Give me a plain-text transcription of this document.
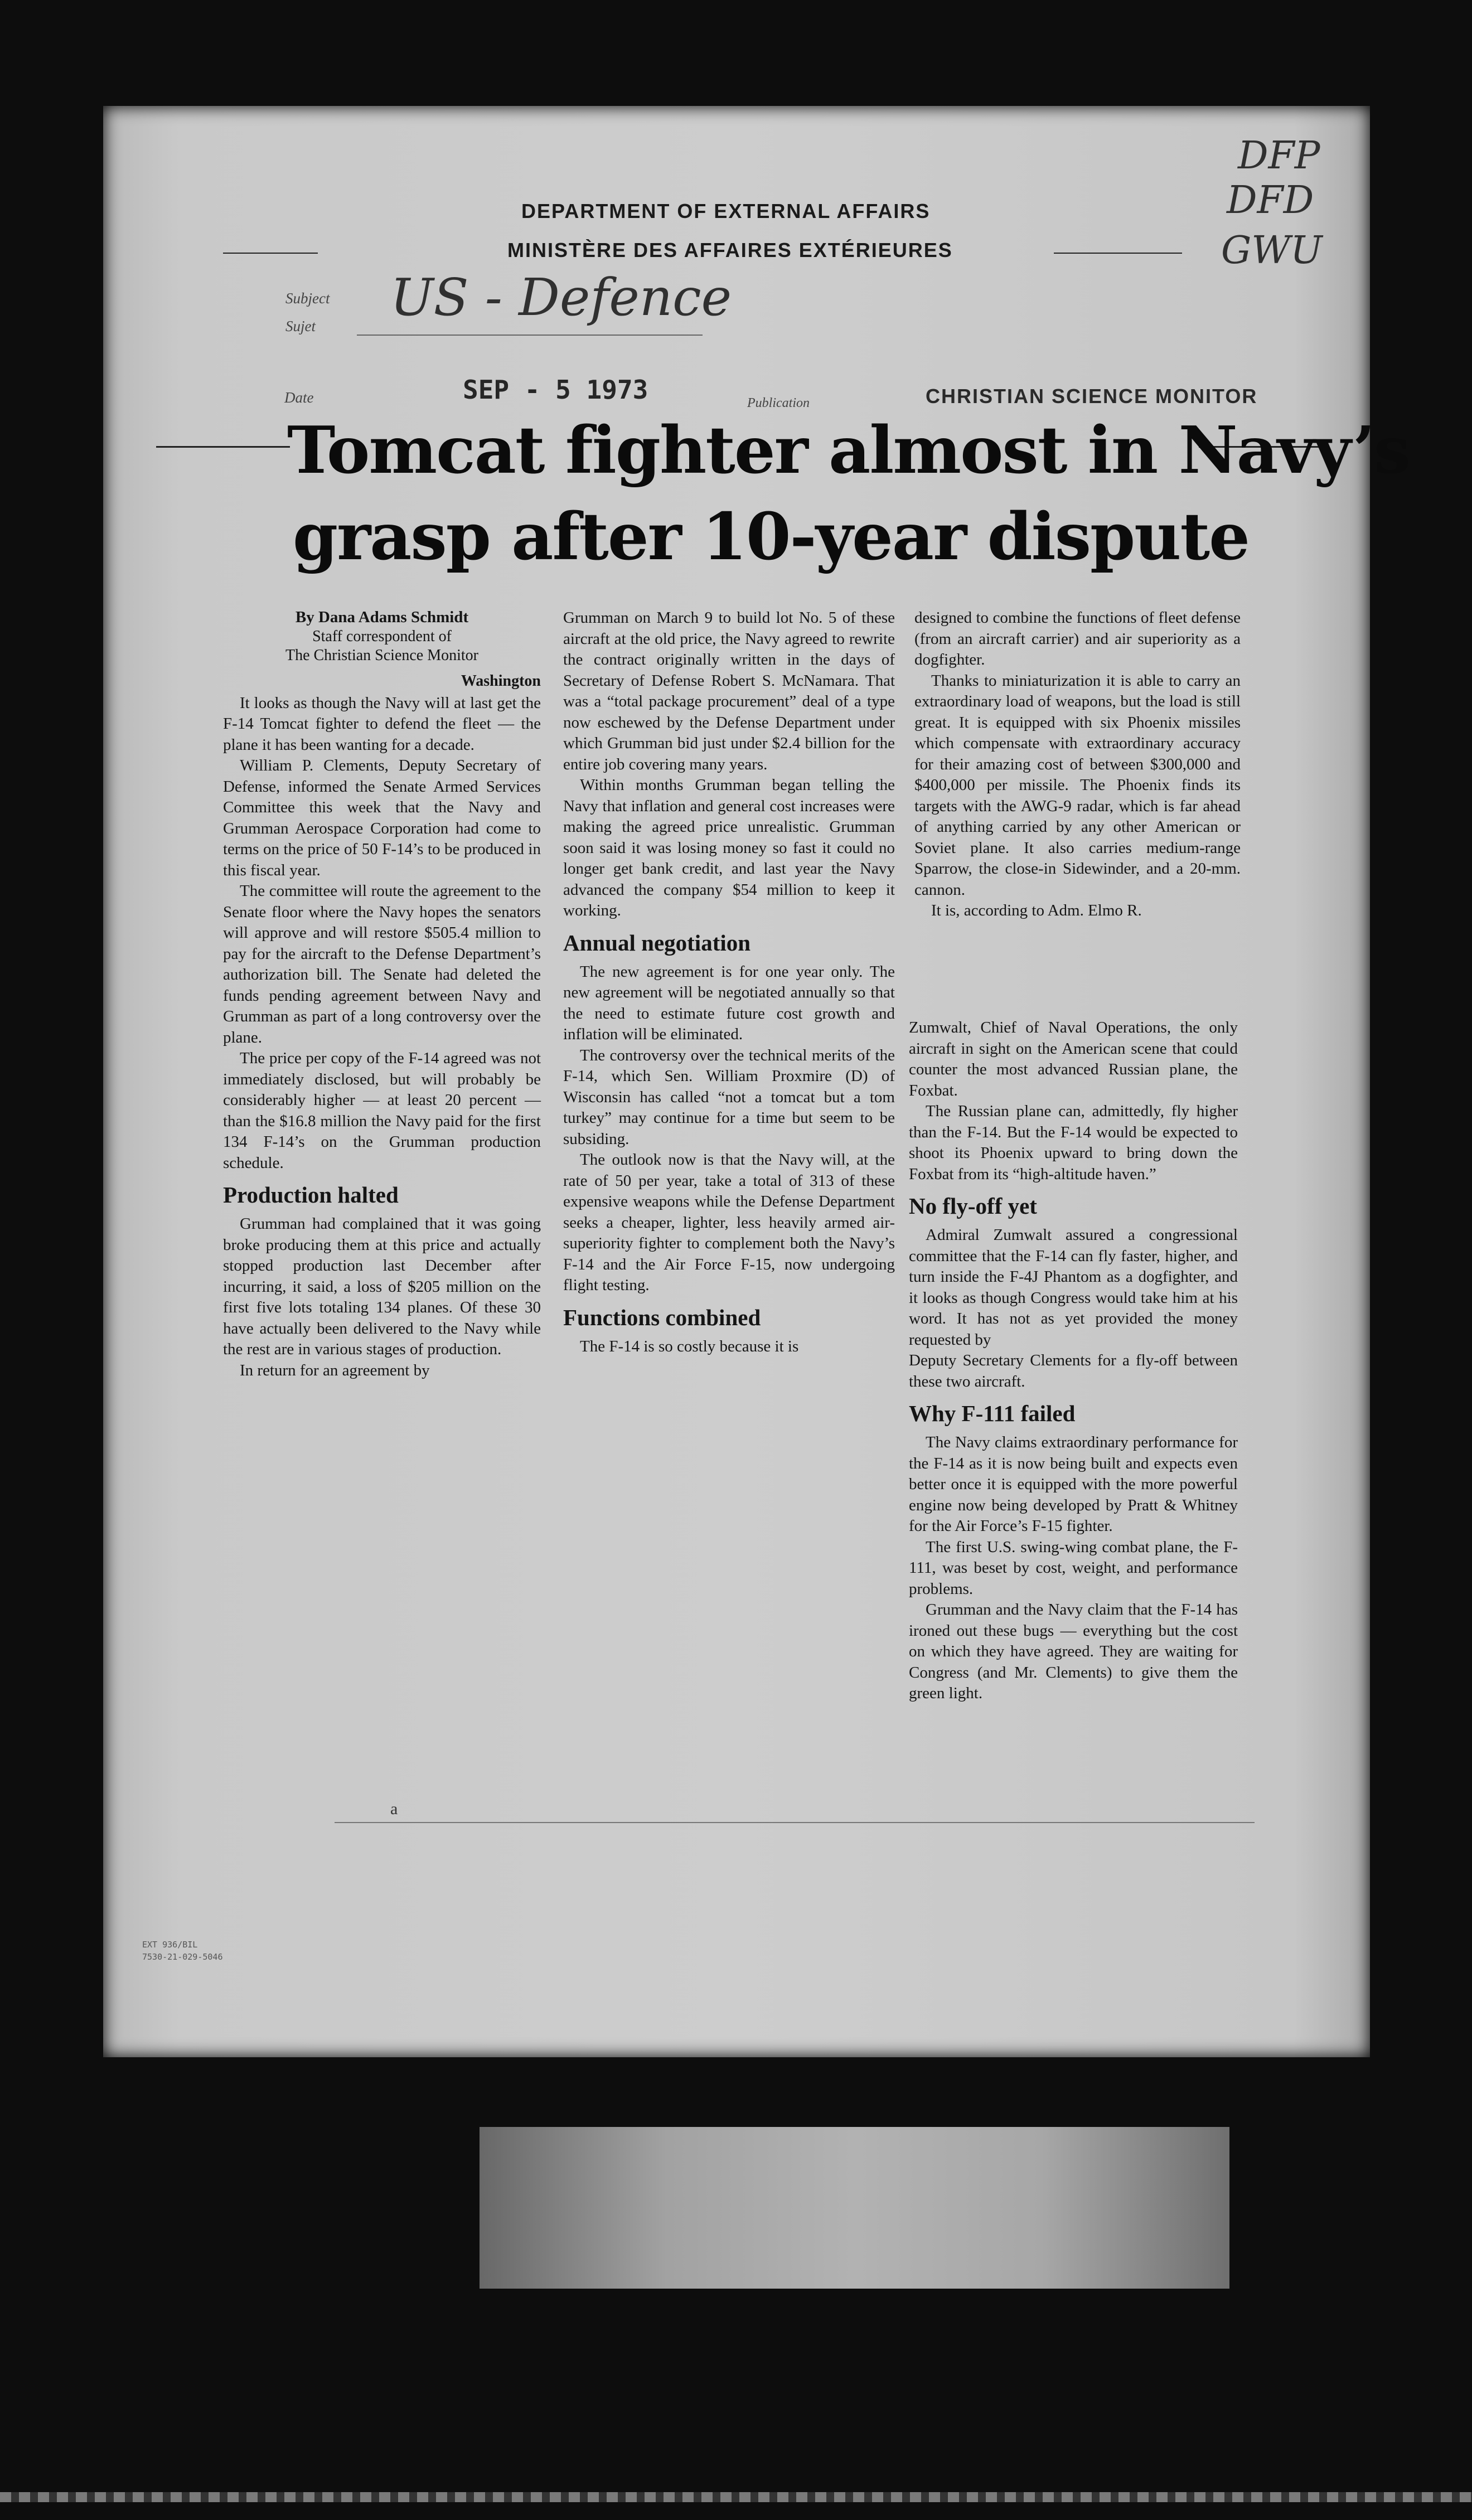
DEPARTMENT OF EXTERNAL AFFAIRS
MINISTÈRE DES AFFAIRES EXTÉRIEURES
DFP
DFD
GWU
Subject
Sujet US - Defence
Date	SEP - 5 1973	Publication	CHRISTIAN SCIENCE MONITOR
Tomcat fighter almost in Navy’s
grasp after 10-year dispute
By Dana Adams Schmidt
Staff correspondent of
The Christian Science Monitor
Washington

It looks as though the Navy will at last get the F-14 Tomcat fighter to defend the fleet — the plane it has been wanting for a decade.

William P. Clements, Deputy Secretary of Defense, informed the Senate Armed Services Committee this week that the Navy and Grumman Aerospace Corporation had come to terms on the price of 50 F-14’s to be produced in this fiscal year.

The committee will route the agreement to the Senate floor where the Navy hopes the senators will approve and will restore $505.4 million to pay for the aircraft to the Defense Department’s authorization bill. The Senate had deleted the funds pending agreement between Navy and Grumman as part of a long controversy over the plane.

The price per copy of the F-14 agreed was not immediately disclosed, but will probably be considerably higher — at least 20 percent — than the $16.8 million the Navy paid for the first 134 F-14’s on the Grumman production schedule.

Production halted

Grumman had complained that it was going broke producing them at this price and actually stopped production last December after incurring, it said, a loss of $205 million on the first five lots totaling 134 planes. Of these 30 have actually been delivered to the Navy while the rest are in various stages of production.

In return for an agreement by

Grumman on March 9 to build lot No. 5 of these aircraft at the old price, the Navy agreed to rewrite the contract originally written in the days of Secretary of Defense Robert S. McNamara. That was a “total package procurement” deal of a type now eschewed by the Defense Department under which Grumman bid just under $2.4 billion for the entire job covering many years.

Within months Grumman began telling the Navy that inflation and general cost increases were making the agreed price unrealistic. Grumman soon said it was losing money so fast it could no longer get bank credit, and last year the Navy advanced the company $54 million to keep it working.

Annual negotiation

The new agreement is for one year only. The new agreement will be negotiated annually so that the need to estimate future cost growth and inflation will be eliminated.

The controversy over the technical merits of the F-14, which Sen. William Proxmire (D) of Wisconsin has called “not a tomcat but a tom turkey” may continue for a time but seem to be subsiding.

The outlook now is that the Navy will, at the rate of 50 per year, take a total of 313 of these expensive weapons while the Defense Department seeks a cheaper, lighter, less heavily armed air-superiority fighter to complement both the Navy’s F-14 and the Air Force F-15, now undergoing flight testing.

Functions combined

The F-14 is so costly because it is

designed to combine the functions of fleet defense (from an aircraft carrier) and air superiority as a dogfighter.

Thanks to miniaturization it is able to carry an extraordinary load of weapons, but the load is still great. It is equipped with six Phoenix missiles which compensate with extraordinary accuracy for their amazing cost of between $300,000 and $400,000 per missile. The Phoenix finds its targets with the AWG-9 radar, which is far ahead of anything carried by any other American or Soviet plane. It also carries medium-range Sparrow, the close-in Sidewinder, and a 20-mm. cannon.

It is, according to Adm. Elmo R.

Zumwalt, Chief of Naval Operations, the only aircraft in sight on the American scene that could counter the most advanced Russian plane, the Foxbat.

The Russian plane can, admittedly, fly higher than the F-14. But the F-14 would be expected to shoot its Phoenix upward to bring down the Foxbat from its “high-altitude haven.”

No fly-off yet

Admiral Zumwalt assured a congressional committee that the F-14 can fly faster, higher, and turn inside the F-4J Phantom as a dogfighter, and it looks as though Congress would take him at his word. It has not as yet provided the money requested by

Deputy Secretary Clements for a fly-off between these two aircraft.

Why F-111 failed

The Navy claims extraordinary performance for the F-14 as it is now being built and expects even better once it is equipped with the more powerful engine now being developed by Pratt & Whitney for the Air Force’s F-15 fighter.

The first U.S. swing-wing combat plane, the F-111, was beset by cost, weight, and performance problems.

Grumman and the Navy claim that the F-14 has ironed out these bugs — everything but the cost on which they have agreed. They are waiting for Congress (and Mr. Clements) to give them the green light.

a
EXT 936/BIL
7530-21-029-5046
